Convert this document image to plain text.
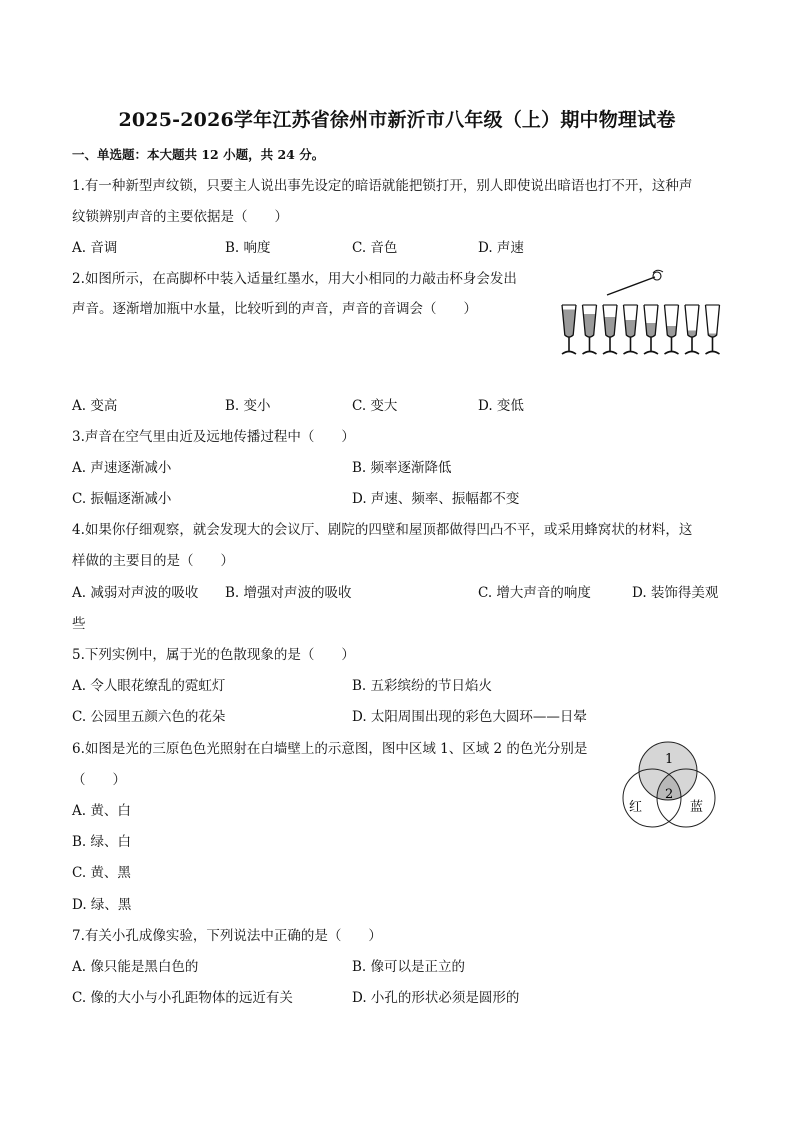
2025-2026学年江苏省徐州市新沂市八年级（上）期中物理试卷
一、单选题：本大题共 12 小题，共 24 分。
1.有一种新型声纹锁，只要主人说出事先设定的暗语就能把锁打开，别人即使说出暗语也打不开，这种声
纹锁辨别声音的主要依据是（　　）
A. 音调	B. 响度	C. 音色	D. 声速
2.如图所示，在高脚杯中装入适量红墨水，用大小相同的力敲击杯身会发出
声音。逐渐增加瓶中水量，比较听到的声音，声音的音调会（　　）
A. 变高	B. 变小	C. 变大	D. 变低
3.声音在空气里由近及远地传播过程中（　　）
A. 声速逐渐减小	B. 频率逐渐降低
C. 振幅逐渐减小	D. 声速、频率、振幅都不变
4.如果你仔细观察，就会发现大的会议厅、剧院的四壁和屋顶都做得凹凸不平，或采用蜂窝状的材料，这
样做的主要目的是（　　）
A. 减弱对声波的吸收 B. 增强对声波的吸收	C. 增大声音的响度	D. 装饰得美观
些
5.下列实例中，属于光的色散现象的是（　　）
A. 令人眼花缭乱的霓虹灯	B. 五彩缤纷的节日焰火
C. 公园里五颜六色的花朵	D. 太阳周围出现的彩色大圆环——日晕
6.如图是光的三原色色光照射在白墙壁上的示意图，图中区域 1、区域 2 的色光分别是
（　　）
A. 黄、白
B. 绿、白
C. 黄、黑
D. 绿、黑
1
2
红	蓝
7.有关小孔成像实验，下列说法中正确的是（　　）
A. 像只能是黑白色的	B. 像可以是正立的
C. 像的大小与小孔距物体的远近有关	D. 小孔的形状必须是圆形的
